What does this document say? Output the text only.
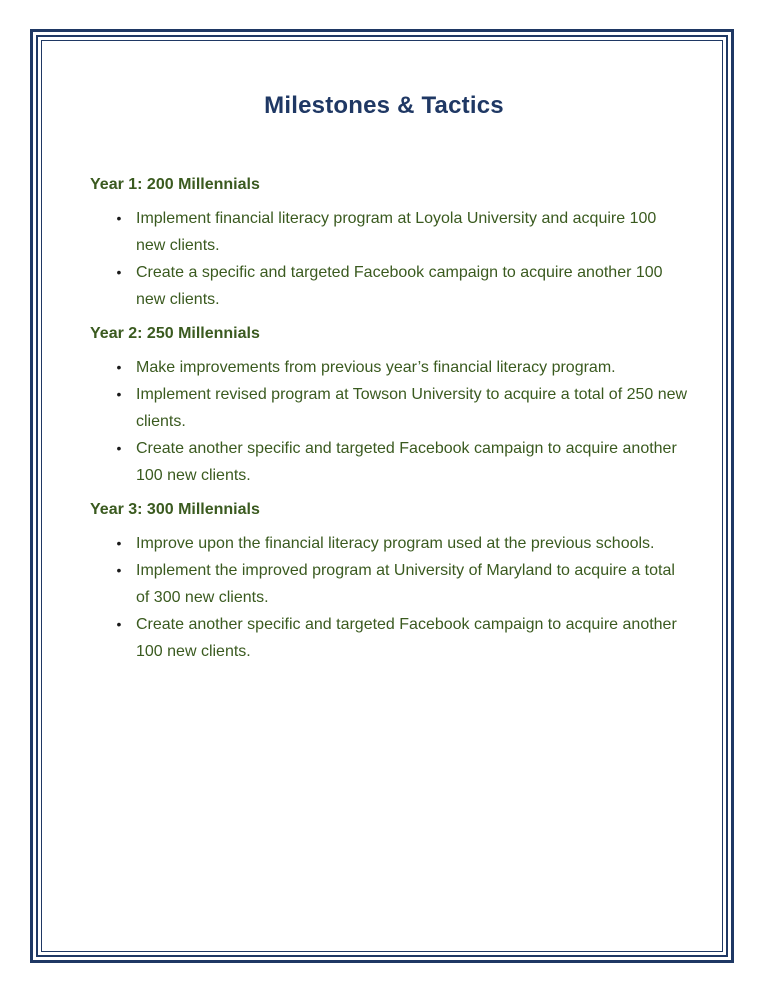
Milestones & Tactics

Year 1: 200 Millennials

• Implement financial literacy program at Loyola University and acquire 100 new clients.
• Create a specific and targeted Facebook campaign to acquire another 100 new clients.

Year 2: 250 Millennials

• Make improvements from previous year’s financial literacy program.
• Implement revised program at Towson University to acquire a total of 250 new clients.
• Create another specific and targeted Facebook campaign to acquire another 100 new clients.

Year 3: 300 Millennials

• Improve upon the financial literacy program used at the previous schools.
• Implement the improved program at University of Maryland to acquire a total of 300 new clients.
• Create another specific and targeted Facebook campaign to acquire another 100 new clients.
